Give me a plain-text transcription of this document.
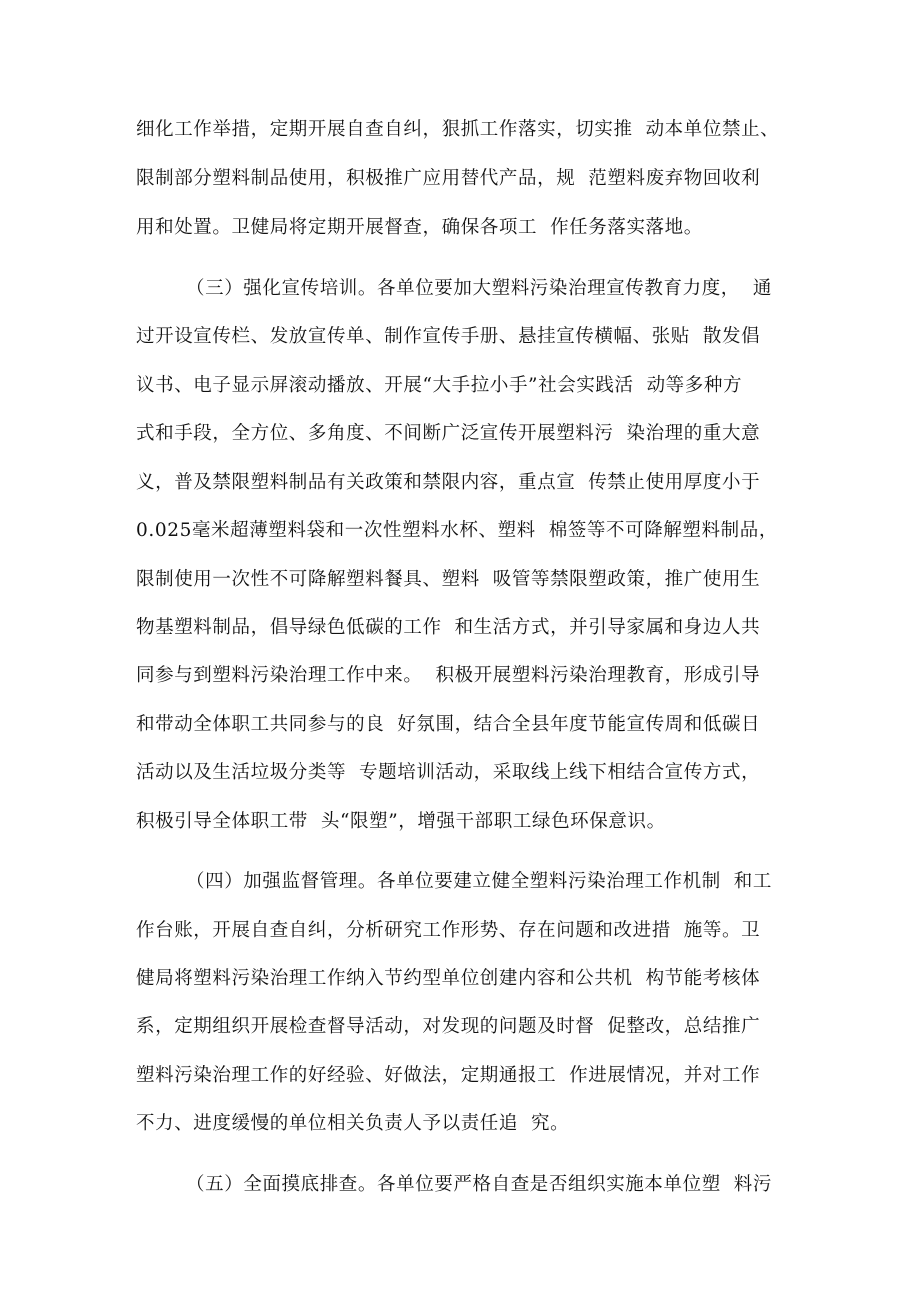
细化工作举措，定期开展自查自纠，狠抓工作落实，切实推  动本单位禁止、
限制部分塑料制品使用，积极推广应用替代产品，规  范塑料废弃物回收利
用和处置。卫健局将定期开展督查，确保各项工  作任务落实落地。
（三）强化宣传培训。各单位要加大塑料污染治理宣传教育力度，  通
过开设宣传栏、发放宣传单、制作宣传手册、悬挂宣传横幅、张贴  散发倡
议书、电子显示屏滚动播放、开展“大手拉小手”社会实践活  动等多种方
式和手段，全方位、多角度、不间断广泛宣传开展塑料污  染治理的重大意
义，普及禁限塑料制品有关政策和禁限内容，重点宣  传禁止使用厚度小于
0.025毫米超薄塑料袋和一次性塑料水杯、塑料  棉签等不可降解塑料制品，
限制使用一次性不可降解塑料餐具、塑料  吸管等禁限塑政策，推广使用生
物基塑料制品，倡导绿色低碳的工作  和生活方式，并引导家属和身边人共
同参与到塑料污染治理工作中来。  积极开展塑料污染治理教育，形成引导
和带动全体职工共同参与的良  好氛围，结合全县年度节能宣传周和低碳日
活动以及生活垃圾分类等  专题培训活动，采取线上线下相结合宣传方式，
积极引导全体职工带  头“限塑”，增强干部职工绿色环保意识。
（四）加强监督管理。各单位要建立健全塑料污染治理工作机制  和工
作台账，开展自查自纠，分析研究工作形势、存在问题和改进措  施等。卫
健局将塑料污染治理工作纳入节约型单位创建内容和公共机  构节能考核体
系，定期组织开展检查督导活动，对发现的问题及时督  促整改，总结推广
塑料污染治理工作的好经验、好做法，定期通报工  作进展情况，并对工作
不力、进度缓慢的单位相关负责人予以责任追  究。
（五）全面摸底排查。各单位要严格自查是否组织实施本单位塑  料污
